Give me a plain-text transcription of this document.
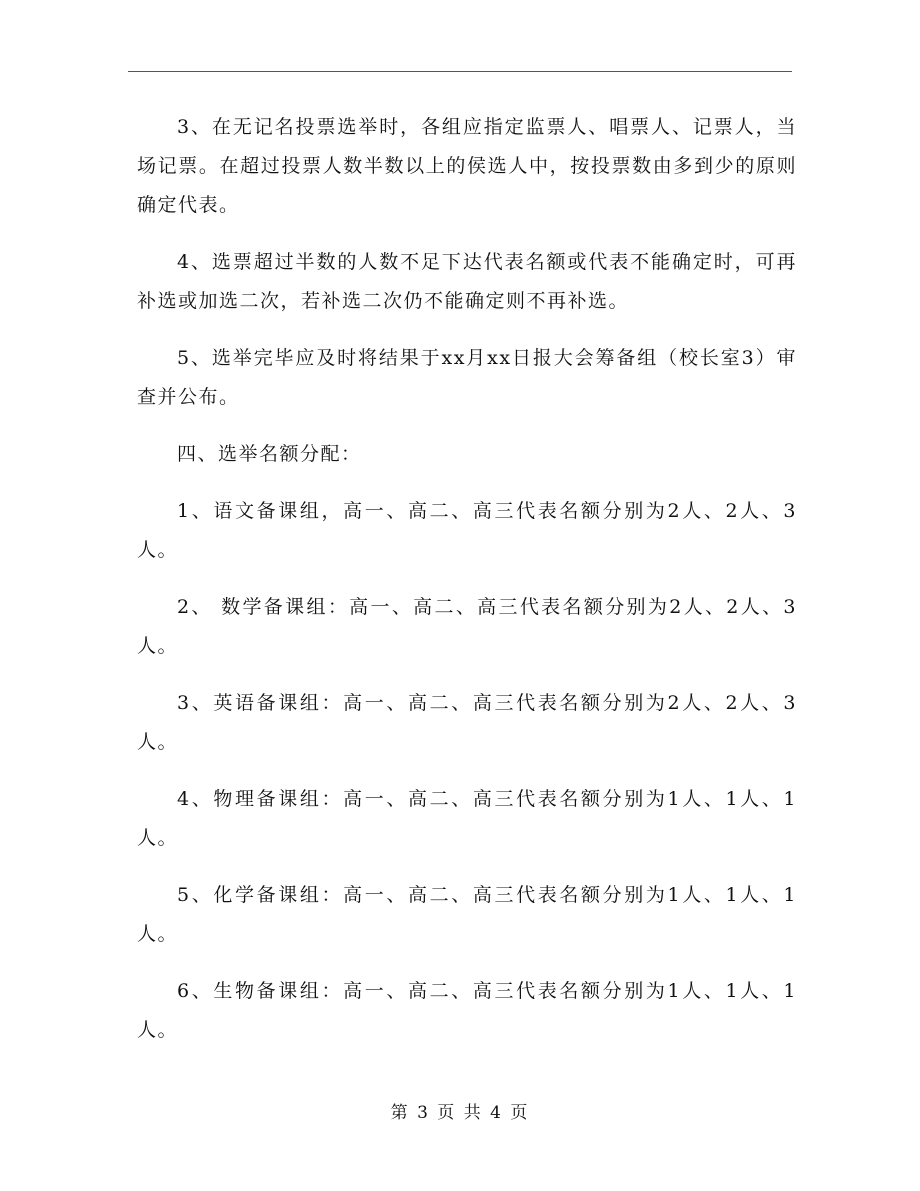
3、在无记名投票选举时，各组应指定监票人、唱票人、记票人，当场记票。在超过投票人数半数以上的侯选人中，按投票数由多到少的原则确定代表。

4、选票超过半数的人数不足下达代表名额或代表不能确定时，可再补选或加选二次，若补选二次仍不能确定则不再补选。

5、选举完毕应及时将结果于xx月xx日报大会筹备组（校长室3）审查并公布。

四、选举名额分配：

1、语文备课组，高一、高二、高三代表名额分别为2人、2人、3人。

2、 数学备课组：高一、高二、高三代表名额分别为2人、2人、3人。

3、英语备课组：高一、高二、高三代表名额分别为2人、2人、3人。

4、物理备课组：高一、高二、高三代表名额分别为1人、1人、1人。

5、化学备课组：高一、高二、高三代表名额分别为1人、1人、1人。

6、生物备课组：高一、高二、高三代表名额分别为1人、1人、1人。

第 3 页 共 4 页
